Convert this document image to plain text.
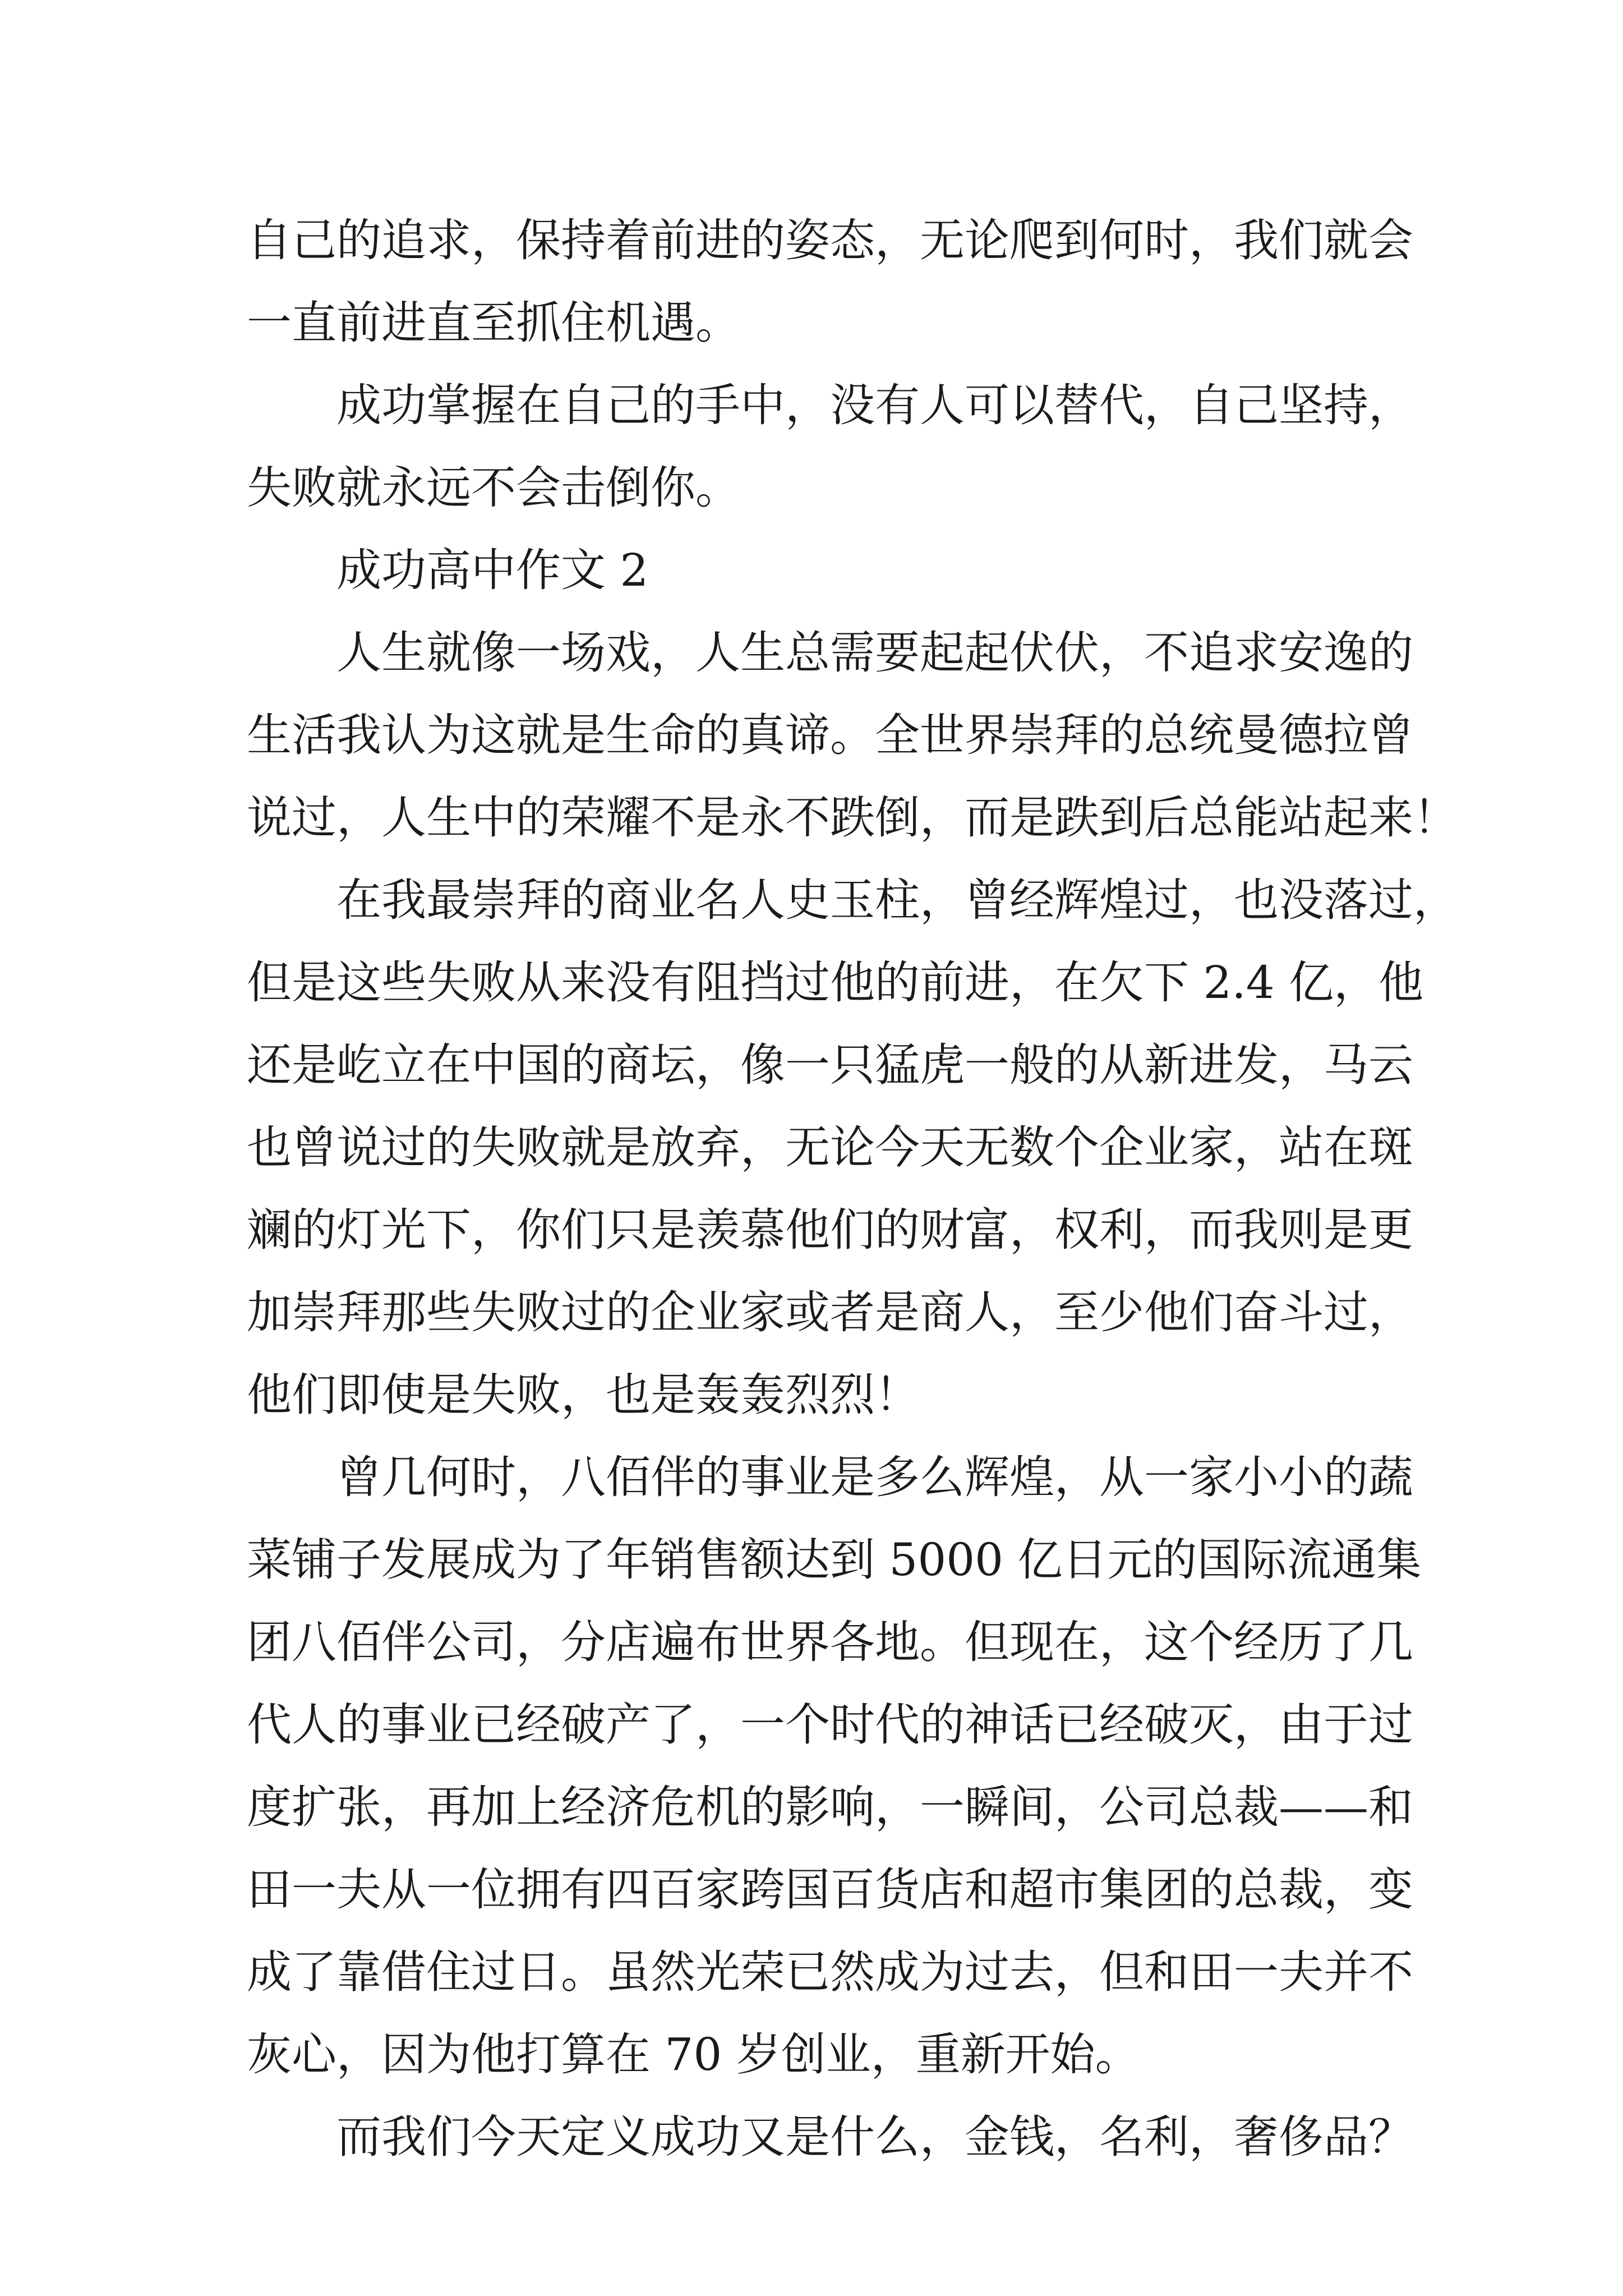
自己的追求，保持着前进的姿态，无论爬到何时，我们就会
一直前进直至抓住机遇。
成功掌握在自己的手中，没有人可以替代，自己坚持，
失败就永远不会击倒你。
成功高中作文 2
人生就像一场戏，人生总需要起起伏伏，不追求安逸的
生活我认为这就是生命的真谛。全世界崇拜的总统曼德拉曾
说过，人生中的荣耀不是永不跌倒，而是跌到后总能站起来！
在我最崇拜的商业名人史玉柱，曾经辉煌过，也没落过，
但是这些失败从来没有阻挡过他的前进，在欠下 2.4 亿，他
还是屹立在中国的商坛，像一只猛虎一般的从新进发，马云
也曾说过的失败就是放弃，无论今天无数个企业家，站在斑
斓的灯光下，你们只是羡慕他们的财富，权利，而我则是更
加崇拜那些失败过的企业家或者是商人，至少他们奋斗过，
他们即使是失败，也是轰轰烈烈！
曾几何时，八佰伴的事业是多么辉煌，从一家小小的蔬
菜铺子发展成为了年销售额达到 5000 亿日元的国际流通集
团八佰伴公司，分店遍布世界各地。但现在，这个经历了几
代人的事业已经破产了，一个时代的神话已经破灭，由于过
度扩张，再加上经济危机的影响，一瞬间，公司总裁——和
田一夫从一位拥有四百家跨国百货店和超市集团的总裁，变
成了靠借住过日。虽然光荣已然成为过去，但和田一夫并不
灰心，因为他打算在 70 岁创业，重新开始。
而我们今天定义成功又是什么，金钱，名利，奢侈品？
